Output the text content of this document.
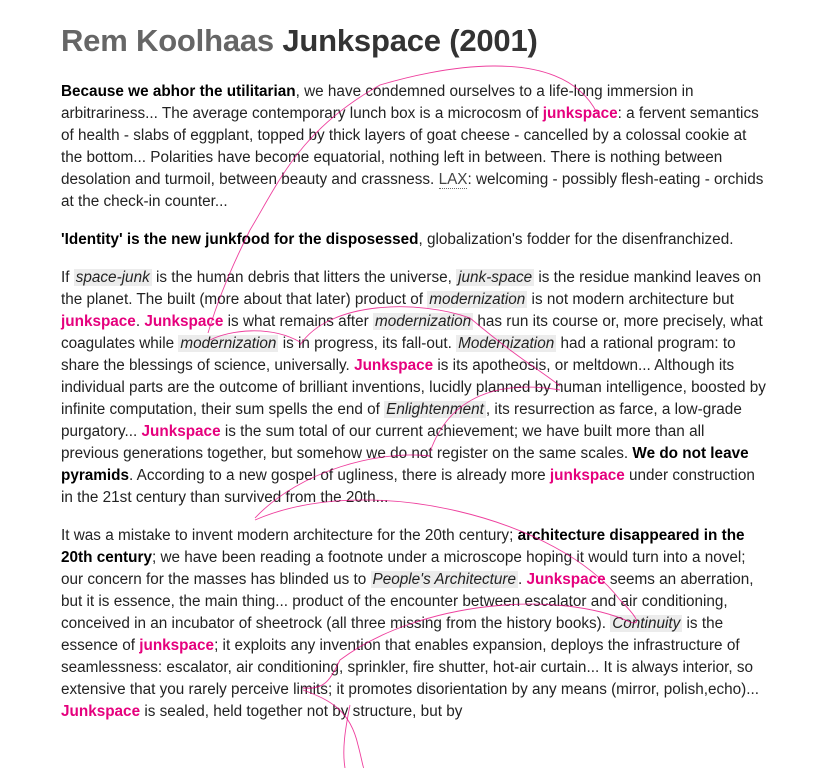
Rem Koolhaas Junkspace (2001)

Because we abhor the utilitarian, we have condemned ourselves to a life-long immersion in arbitrariness... The average contemporary lunch box is a microcosm of junkspace: a fervent semantics of health - slabs of eggplant, topped by thick layers of goat cheese - cancelled by a colossal cookie at the bottom... Polarities have become equatorial, nothing left in between. There is nothing between desolation and turmoil, between beauty and crassness. LAX: welcoming - possibly flesh-eating - orchids at the check-in counter...

'Identity' is the new junkfood for the disposessed, globalization's fodder for the disenfranchized.

If space-junk is the human debris that litters the universe, junk-space is the residue mankind leaves on the planet. The built (more about that later) product of modernization is not modern architecture but junkspace. Junkspace is what remains after modernization has run its course or, more precisely, what coagulates while modernization is in progress, its fall-out. Modernization had a rational program: to share the blessings of science, universally. Junkspace is its apotheosis, or meltdown... Although its individual parts are the outcome of brilliant inventions, lucidly planned by human intelligence, boosted by infinite computation, their sum spells the end of Enlightenment , its resurrection as farce, a low-grade purgatory... Junkspace is the sum total of our current achievement; we have built more than all previous generations together, but somehow we do not register on the same scales. We do not leave pyramids. According to a new gospel of ugliness, there is already more junkspace under construction in the 21st century than survived from the 20th...

It was a mistake to invent modern architecture for the 20th century; architecture disappeared in the 20th century; we have been reading a footnote under a microscope hoping it would turn into a novel; our concern for the masses has blinded us to People's Architecture . Junkspace seems an aberration, but it is essence, the main thing... product of the encounter between escalator and air conditioning, conceived in an incubator of sheetrock (all three missing from the history books). Continuity is the essence of junkspace; it exploits any invention that enables expansion, deploys the infrastructure of seamlessness: escalator, air conditioning, sprinkler, fire shutter, hot-air curtain... It is always interior, so extensive that you rarely perceive limits; it promotes disorientation by any means (mirror, polish,echo)... Junkspace is sealed, held together not by structure, but by
